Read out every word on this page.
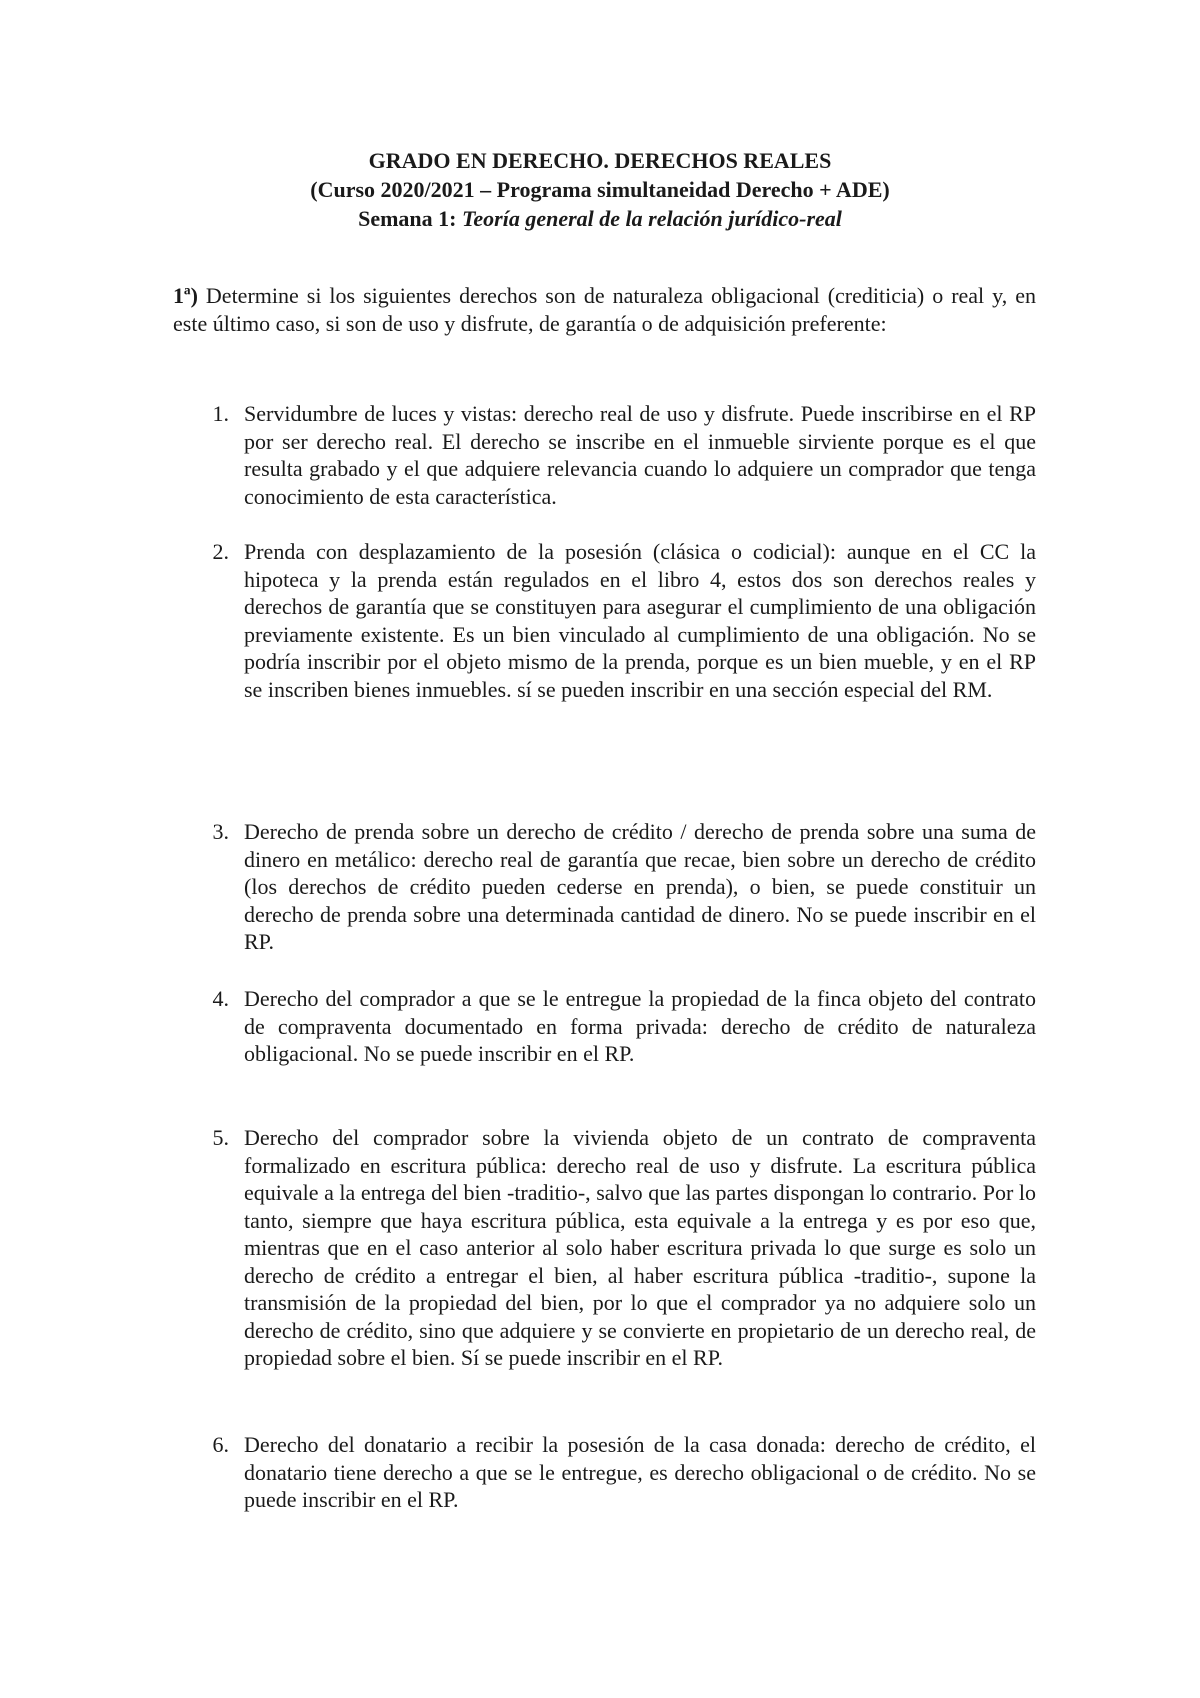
GRADO EN DERECHO. DERECHOS REALES
(Curso 2020/2021 – Programa simultaneidad Derecho + ADE)
Semana 1: Teoría general de la relación jurídico-real
1ª) Determine si los siguientes derechos son de naturaleza obligacional (crediticia) o real y, en este último caso, si son de uso y disfrute, de garantía o de adquisición preferente:
1. Servidumbre de luces y vistas: derecho real de uso y disfrute. Puede inscribirse en el RP por ser derecho real. El derecho se inscribe en el inmueble sirviente porque es el que resulta grabado y el que adquiere relevancia cuando lo adquiere un comprador que tenga conocimiento de esta característica.
2. Prenda con desplazamiento de la posesión (clásica o codicial): aunque en el CC la hipoteca y la prenda están regulados en el libro 4, estos dos son derechos reales y derechos de garantía que se constituyen para asegurar el cumplimiento de una obligación previamente existente. Es un bien vinculado al cumplimiento de una obligación. No se podría inscribir por el objeto mismo de la prenda, porque es un bien mueble, y en el RP se inscriben bienes inmuebles. sí se pueden inscribir en una sección especial del RM.
3. Derecho de prenda sobre un derecho de crédito / derecho de prenda sobre una suma de dinero en metálico: derecho real de garantía que recae, bien sobre un derecho de crédito (los derechos de crédito pueden cederse en prenda), o bien, se puede constituir un derecho de prenda sobre una determinada cantidad de dinero. No se puede inscribir en el RP.
4. Derecho del comprador a que se le entregue la propiedad de la finca objeto del contrato de compraventa documentado en forma privada: derecho de crédito de naturaleza obligacional. No se puede inscribir en el RP.
5. Derecho del comprador sobre la vivienda objeto de un contrato de compraventa formalizado en escritura pública: derecho real de uso y disfrute. La escritura pública equivale a la entrega del bien -traditio-, salvo que las partes dispongan lo contrario. Por lo tanto, siempre que haya escritura pública, esta equivale a la entrega y es por eso que, mientras que en el caso anterior al solo haber escritura privada lo que surge es solo un derecho de crédito a entregar el bien, al haber escritura pública -traditio-, supone la transmisión de la propiedad del bien, por lo que el comprador ya no adquiere solo un derecho de crédito, sino que adquiere y se convierte en propietario de un derecho real, de propiedad sobre el bien. Sí se puede inscribir en el RP.
6. Derecho del donatario a recibir la posesión de la casa donada: derecho de crédito, el donatario tiene derecho a que se le entregue, es derecho obligacional o de crédito. No se puede inscribir en el RP.
